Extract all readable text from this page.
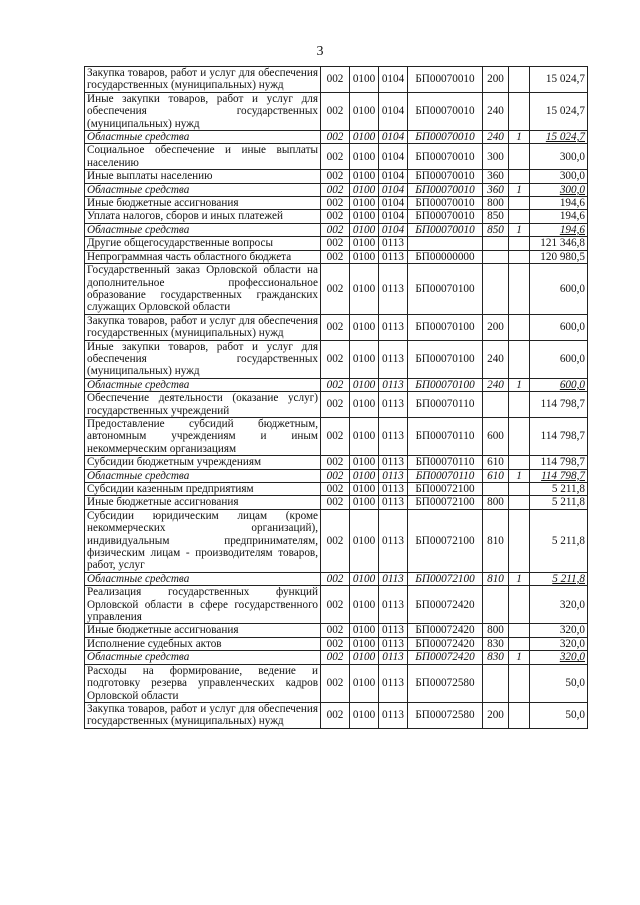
3
Закупка товаров, работ и услуг для обеспечения государственных (муниципальных) нужд	002	0100	0104	БП00070010	200		15 024,7
Иные закупки товаров, работ и услуг для обеспечения государственных (муниципальных) нужд	002	0100	0104	БП00070010	240		15 024,7
Областные средства	002	0100	0104	БП00070010	240	1	15 024,7
Социальное обеспечение и иные выплаты населению	002	0100	0104	БП00070010	300		300,0
Иные выплаты населению	002	0100	0104	БП00070010	360		300,0
Областные средства	002	0100	0104	БП00070010	360	1	300,0
Иные бюджетные ассигнования	002	0100	0104	БП00070010	800		194,6
Уплата налогов, сборов и иных платежей	002	0100	0104	БП00070010	850		194,6
Областные средства	002	0100	0104	БП00070010	850	1	194,6
Другие общегосударственные вопросы	002	0100	0113				121 346,8
Непрограммная часть областного бюджета	002	0100	0113	БП00000000			120 980,5
Государственный заказ Орловской области на дополнительное профессиональное образование государственных гражданских служащих Орловской области	002	0100	0113	БП00070100			600,0
Закупка товаров, работ и услуг для обеспечения государственных (муниципальных) нужд	002	0100	0113	БП00070100	200		600,0
Иные закупки товаров, работ и услуг для обеспечения государственных (муниципальных) нужд	002	0100	0113	БП00070100	240		600,0
Областные средства	002	0100	0113	БП00070100	240	1	600,0
Обеспечение деятельности (оказание услуг) государственных учреждений	002	0100	0113	БП00070110			114 798,7
Предоставление субсидий бюджетным, автономным учреждениям и иным некоммерческим организациям	002	0100	0113	БП00070110	600		114 798,7
Субсидии бюджетным учреждениям	002	0100	0113	БП00070110	610		114 798,7
Областные средства	002	0100	0113	БП00070110	610	1	114 798,7
Субсидии казенным предприятиям	002	0100	0113	БП00072100			5 211,8
Иные бюджетные ассигнования	002	0100	0113	БП00072100	800		5 211,8
Субсидии юридическим лицам (кроме некоммерческих организаций), индивидуальным предпринимателям, физическим лицам - производителям товаров, работ, услуг	002	0100	0113	БП00072100	810		5 211,8
Областные средства	002	0100	0113	БП00072100	810	1	5 211,8
Реализация государственных функций Орловской области в сфере государственного управления	002	0100	0113	БП00072420			320,0
Иные бюджетные ассигнования	002	0100	0113	БП00072420	800		320,0
Исполнение судебных актов	002	0100	0113	БП00072420	830		320,0
Областные средства	002	0100	0113	БП00072420	830	1	320,0
Расходы на формирование, ведение и подготовку резерва управленческих кадров Орловской области	002	0100	0113	БП00072580			50,0
Закупка товаров, работ и услуг для обеспечения государственных (муниципальных) нужд	002	0100	0113	БП00072580	200		50,0
